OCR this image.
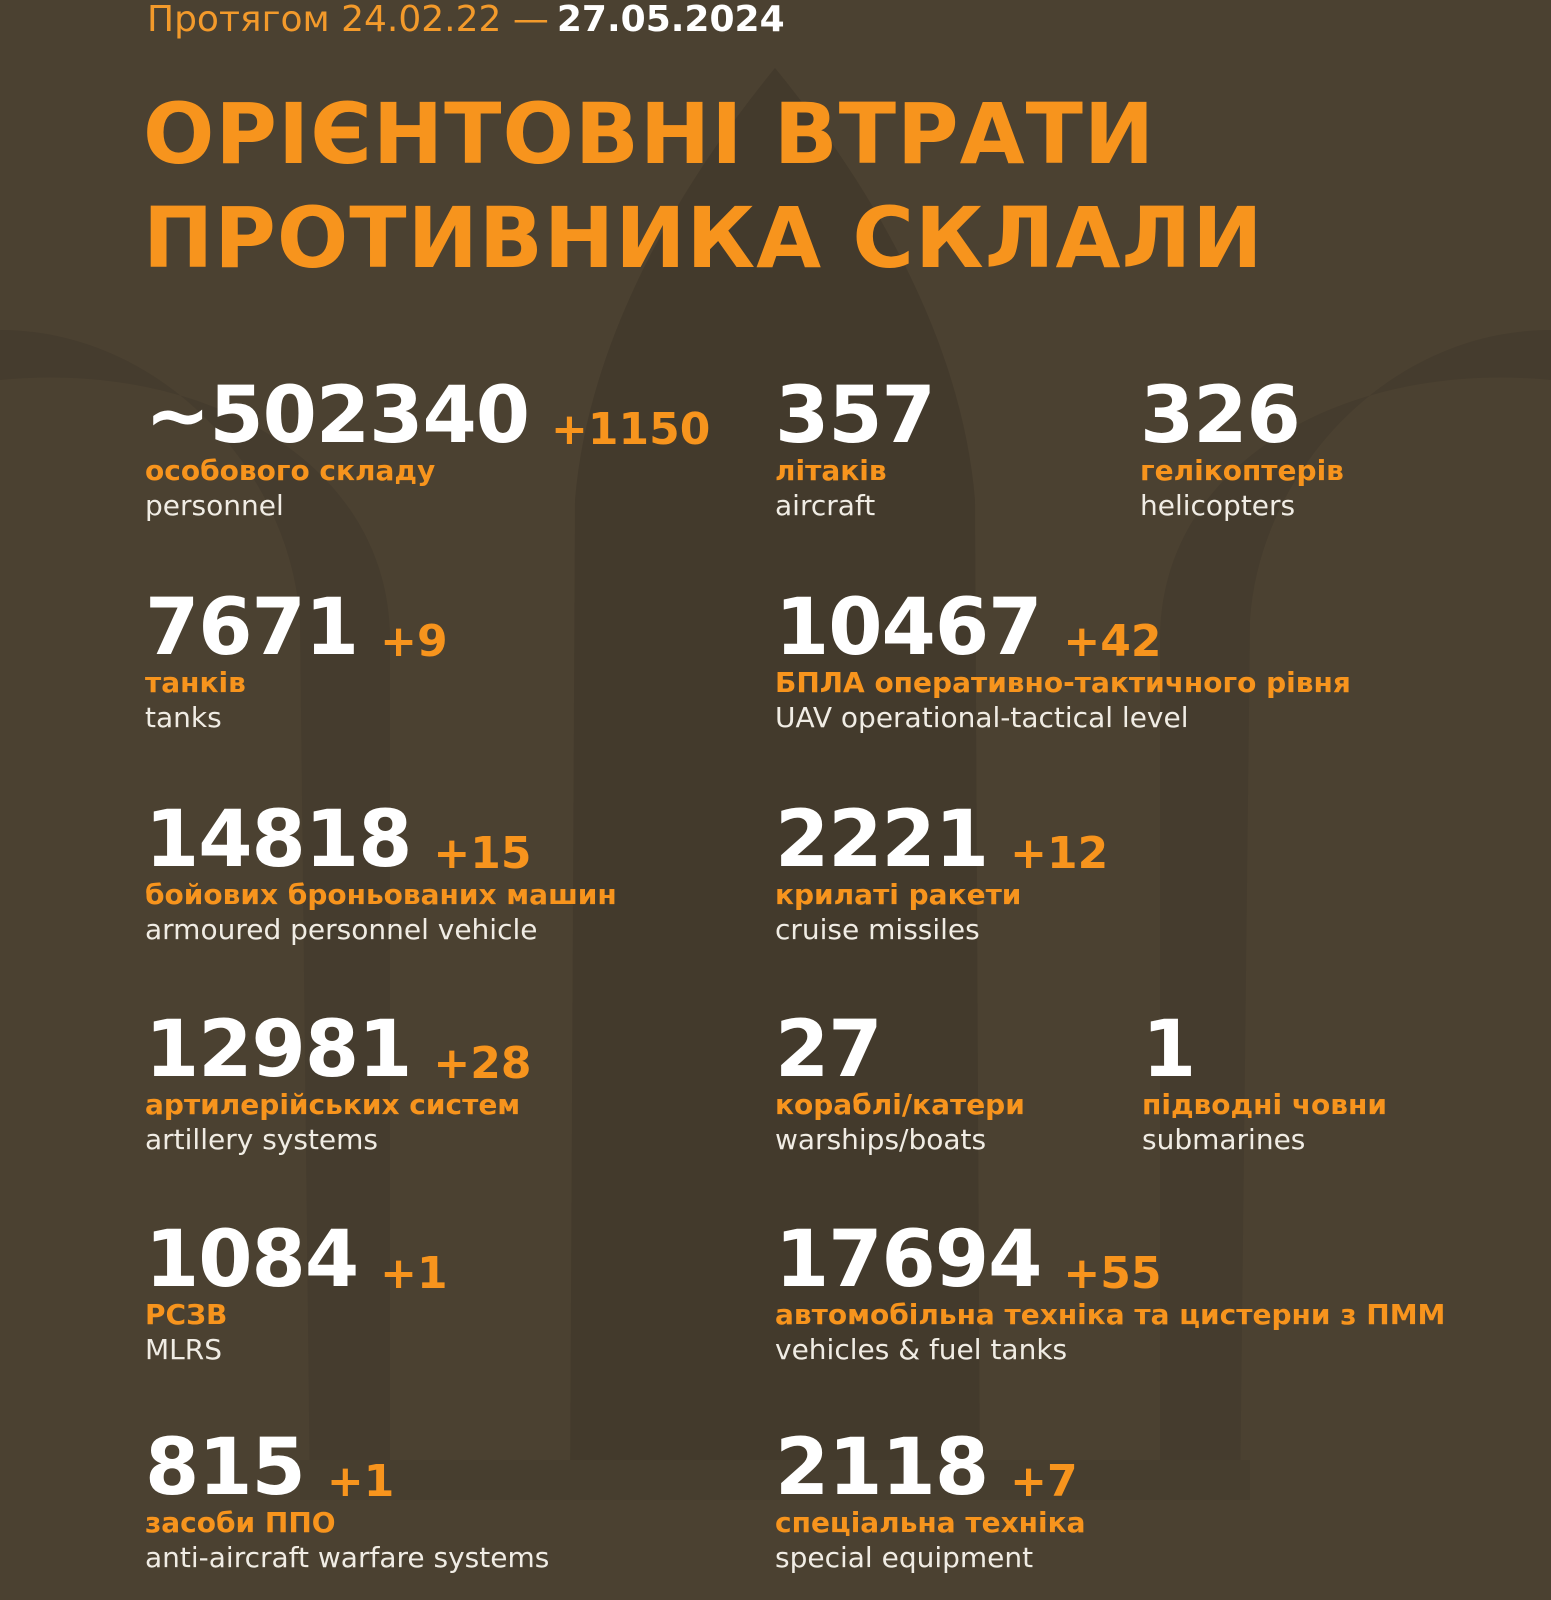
Протягом 24.02.22 — 27.05.2024
ОРІЄНТОВНІ ВТРАТИ
ПРОТИВНИКА СКЛАЛИ
~502340 +1150
особового складу
personnel
357
літаків
aircraft
326
гелікоптерів
helicopters
7671 +9
танків
tanks
10467 +42
БПЛА оперативно-тактичного рівня
UAV operational-tactical level
14818 +15
бойових броньованих машин
armoured personnel vehicle
2221 +12
крилаті ракети
cruise missiles
12981 +28
артилерійських систем
artillery systems
27
кораблі/катери
warships/boats
1
підводні човни
submarines
1084 +1
РСЗВ
MLRS
17694 +55
автомобільна техніка та цистерни з ПММ
vehicles & fuel tanks
815 +1
засоби ППО
anti-aircraft warfare systems
2118 +7
спеціальна техніка
special equipment
